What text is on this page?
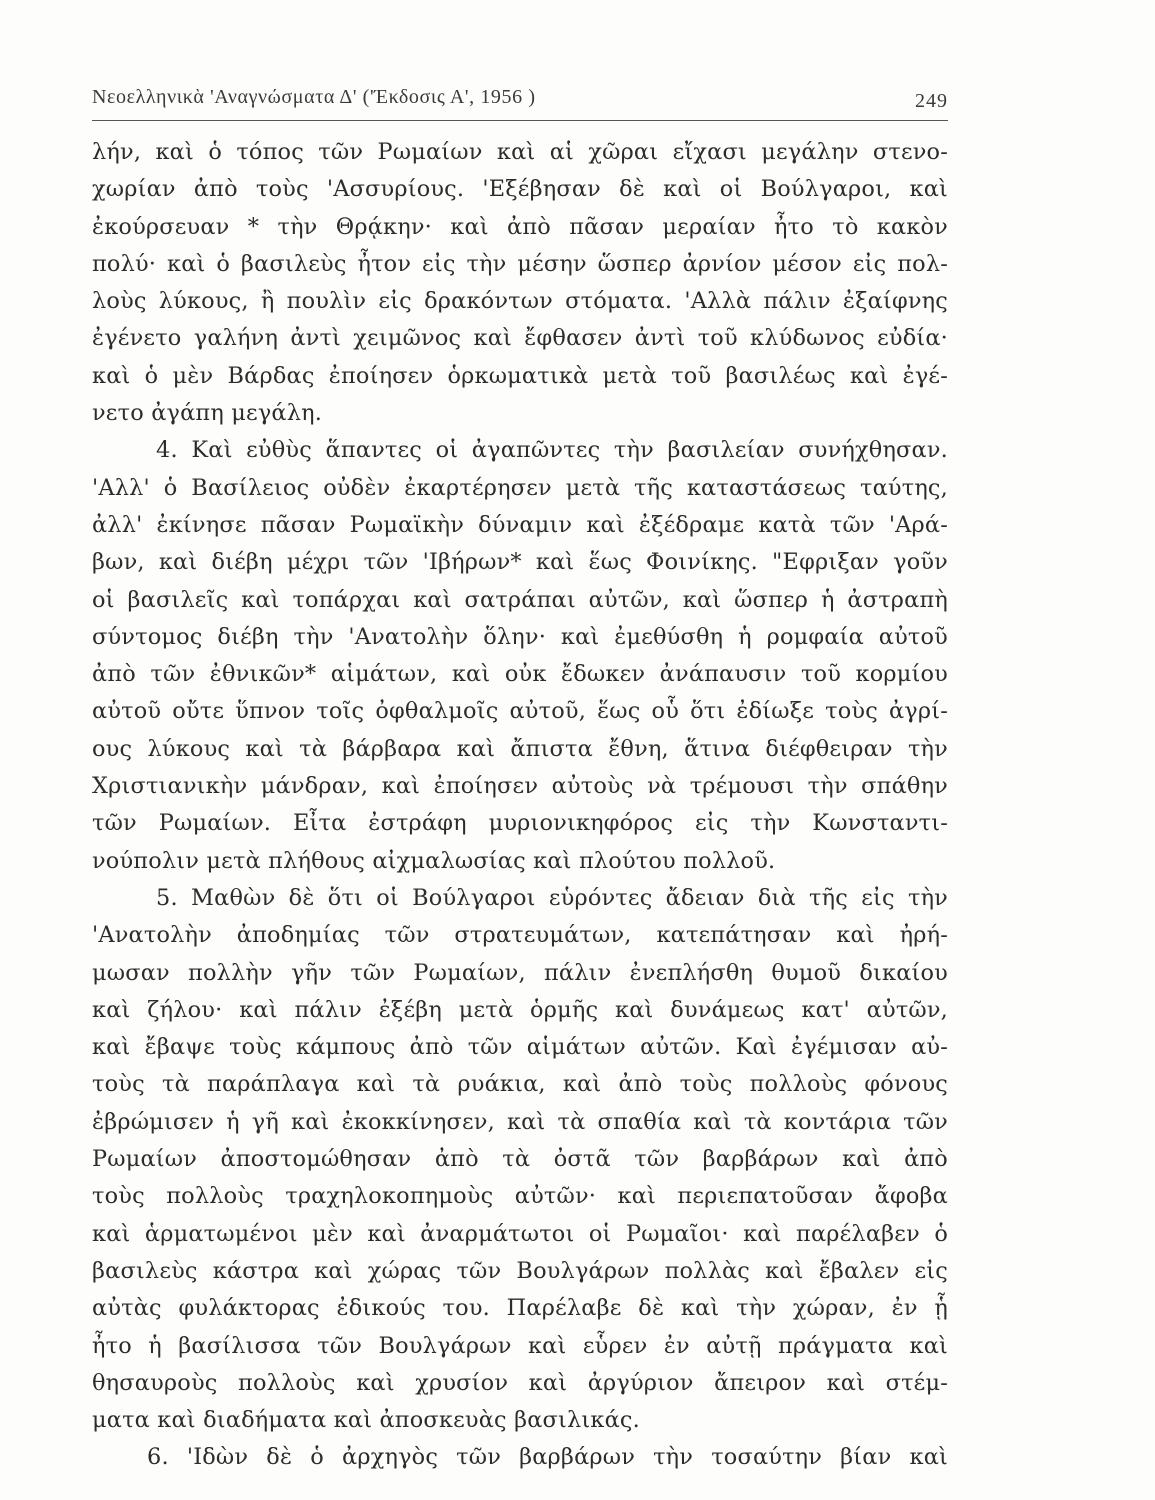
Νεοελληνικὰ 'Αναγνώσματα Δ' ('Έκδοσις Α', 1956 )	249
λήν, καὶ ὁ τόπος τῶν Ρωμαίων καὶ αἱ χῶραι εἴχασι μεγάλην στενο-
χωρίαν ἀπὸ τοὺς 'Ασσυρίους. 'Εξέβησαν δὲ καὶ οἱ Βούλγαροι, καὶ
ἐκούρσευαν * τὴν Θρᾴκην· καὶ ἀπὸ πᾶσαν μεραίαν ἦτο τὸ κακὸν
πολύ· καὶ ὁ βασιλεὺς ἦτον εἰς τὴν μέσην ὥσπερ ἀρνίον μέσον εἰς πολ-
λοὺς λύκους, ἢ πουλὶν εἰς δρακόντων στόματα. 'Αλλὰ πάλιν ἐξαίφνης
ἐγένετο γαλήνη ἀντὶ χειμῶνος καὶ ἔφθασεν ἀντὶ τοῦ κλύδωνος εὐδία·
καὶ ὁ μὲν Βάρδας ἐποίησεν ὁρκωματικὰ μετὰ τοῦ βασιλέως καὶ ἐγέ-
νετο ἀγάπη μεγάλη.
4. Καὶ εὐθὺς ἅπαντες οἱ ἀγαπῶντες τὴν βασιλείαν συνήχθησαν.
'Αλλ' ὁ Βασίλειος οὐδὲν ἐκαρτέρησεν μετὰ τῆς καταστάσεως ταύτης,
ἀλλ' ἐκίνησε πᾶσαν Ρωμαϊκὴν δύναμιν καὶ ἐξέδραμε κατὰ τῶν 'Αρά-
βων, καὶ διέβη μέχρι τῶν 'Ιβήρων* καὶ ἕως Φοινίκης. "Εφριξαν γοῦν
οἱ βασιλεῖς καὶ τοπάρχαι καὶ σατράπαι αὐτῶν, καὶ ὥσπερ ἡ ἀστραπὴ
σύντομος διέβη τὴν 'Ανατολὴν ὅλην· καὶ ἐμεθύσθη ἡ ρομφαία αὐτοῦ
ἀπὸ τῶν ἐθνικῶν* αἱμάτων, καὶ οὐκ ἔδωκεν ἀνάπαυσιν τοῦ κορμίου
αὐτοῦ οὔτε ὕπνον τοῖς ὀφθαλμοῖς αὐτοῦ, ἕως οὗ ὅτι ἐδίωξε τοὺς ἀγρί-
ους λύκους καὶ τὰ βάρβαρα καὶ ἄπιστα ἔθνη, ἅτινα διέφθειραν τὴν
Χριστιανικὴν μάνδραν, καὶ ἐποίησεν αὐτοὺς νὰ τρέμουσι τὴν σπάθην
τῶν Ρωμαίων. Εἶτα ἐστράφη μυριονικηφόρος εἰς τὴν Κωνσταντι-
νούπολιν μετὰ πλήθους αἰχμαλωσίας καὶ πλούτου πολλοῦ.
5. Μαθὼν δὲ ὅτι οἱ Βούλγαροι εὑρόντες ἄδειαν διὰ τῆς εἰς τὴν
'Ανατολὴν ἀποδημίας τῶν στρατευμάτων, κατεπάτησαν καὶ ἠρή-
μωσαν πολλὴν γῆν τῶν Ρωμαίων, πάλιν ἐνεπλήσθη θυμοῦ δικαίου
καὶ ζήλου· καὶ πάλιν ἐξέβη μετὰ ὁρμῆς καὶ δυνάμεως κατ' αὐτῶν,
καὶ ἔβαψε τοὺς κάμπους ἀπὸ τῶν αἱμάτων αὐτῶν. Καὶ ἐγέμισαν αὐ-
τοὺς τὰ παράπλαγα καὶ τὰ ρυάκια, καὶ ἀπὸ τοὺς πολλοὺς φόνους
ἐβρώμισεν ἡ γῆ καὶ ἐκοκκίνησεν, καὶ τὰ σπαθία καὶ τὰ κοντάρια τῶν
Ρωμαίων ἀποστομώθησαν ἀπὸ τὰ ὀστᾶ τῶν βαρβάρων καὶ ἀπὸ
τοὺς πολλοὺς τραχηλοκοπημοὺς αὐτῶν· καὶ περιεπατοῦσαν ἄφοβα
καὶ ἁρματωμένοι μὲν καὶ ἀναρμάτωτοι οἱ Ρωμαῖοι· καὶ παρέλαβεν ὁ
βασιλεὺς κάστρα καὶ χώρας τῶν Βουλγάρων πολλὰς καὶ ἔβαλεν εἰς
αὐτὰς φυλάκτορας ἐδικούς του. Παρέλαβε δὲ καὶ τὴν χώραν, ἐν ᾗ
ἦτο ἡ βασίλισσα τῶν Βουλγάρων καὶ εὗρεν ἐν αὐτῇ πράγματα καὶ
θησαυροὺς πολλοὺς καὶ χρυσίον καὶ ἀργύριον ἄπειρον καὶ στέμ-
ματα καὶ διαδήματα καὶ ἀποσκευὰς βασιλικάς.
6. 'Ιδὼν δὲ ὁ ἀρχηγὸς τῶν βαρβάρων τὴν τοσαύτην βίαν καὶ
